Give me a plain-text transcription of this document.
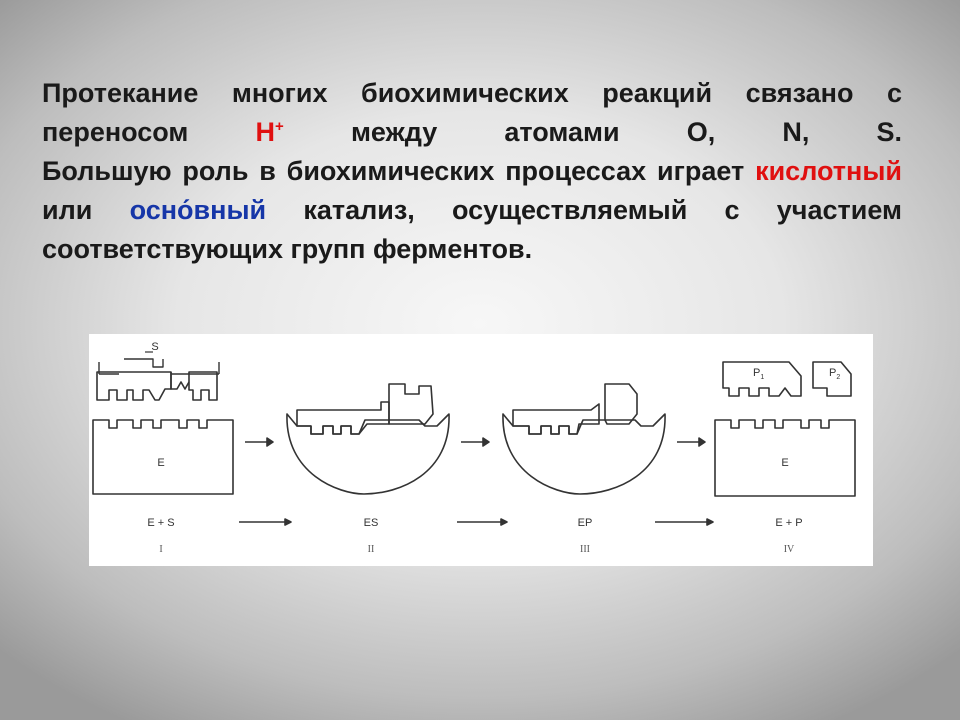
Протекание многих биохимических реакций связано с переносом H+ между атомами O, N, S.

Большую роль в биохимических процессах играет кислотный или осно́вный катализ, осуществляемый с участием соответствующих групп ферментов.

S
E	E
$P_1$	$P_2$
E + S
I
ES
II
EP
III
E + P
IV
